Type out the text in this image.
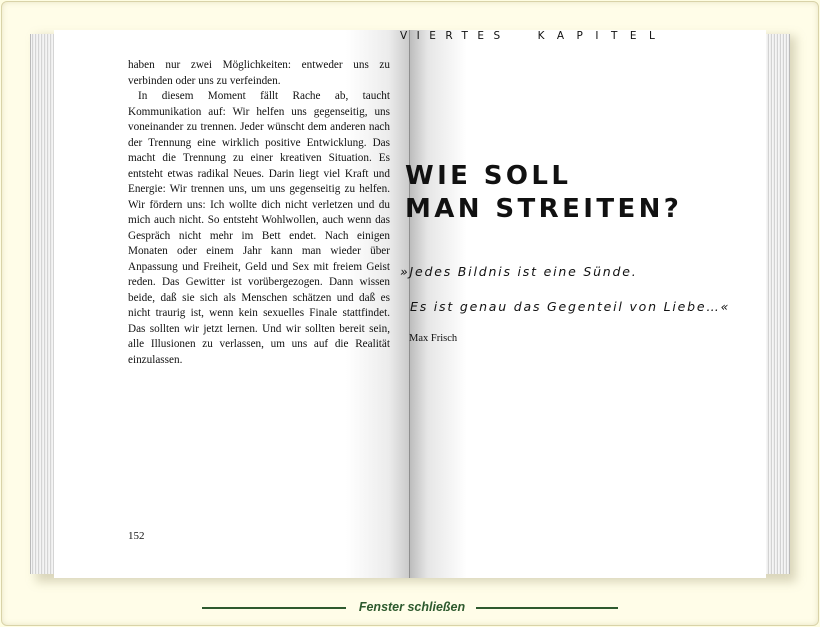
haben nur zwei Möglichkeiten: entweder uns zu verbinden oder uns zu verfeinden.

In diesem Moment fällt Rache ab, taucht Kommunikation auf: Wir helfen uns gegenseitig, uns voneinander zu trennen. Jeder wünscht dem anderen nach der Trennung eine wirklich positive Entwicklung. Das macht die Trennung zu einer kreativen Situation. Es entsteht etwas radikal Neues. Darin liegt viel Kraft und Energie: Wir trennen uns, um uns gegenseitig zu helfen. Wir fördern uns: Ich wollte dich nicht verletzen und du mich auch nicht. So entsteht Wohlwollen, auch wenn das Gespräch nicht mehr im Bett endet. Nach einigen Monaten oder einem Jahr kann man wieder über Anpassung und Freiheit, Geld und Sex mit freiem Geist reden. Das Gewitter ist vorübergezogen. Dann wissen beide, daß sie sich als Menschen schätzen und daß es nicht traurig ist, wenn kein sexuelles Finale stattfindet. Das sollten wir jetzt lernen. Und wir sollten bereit sein, alle Illusionen zu verlassen, um uns auf die Realität einzulassen.

152
VIERTES	KAPITEL
WIE SOLL
MAN STREITEN?
»Jedes Bildnis ist eine Sünde.
Es ist genau das Gegenteil von Liebe…«
Max Frisch
Fenster schließen
